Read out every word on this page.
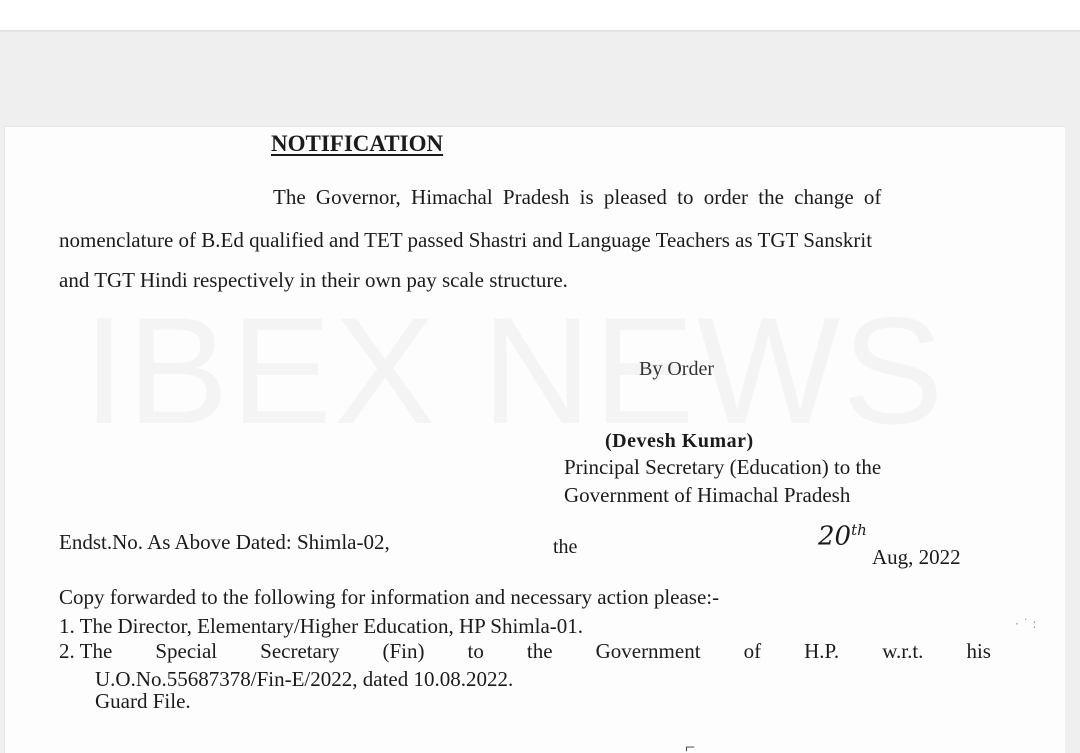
NOTIFICATION
The Governor, Himachal Pradesh is pleased to order the change of
nomenclature of B.Ed qualified and TET passed Shastri and Language Teachers as TGT Sanskrit
and TGT Hindi respectively in their own pay scale structure.
By Order
(Devesh Kumar)
Principal Secretary (Education) to the
Government of Himachal Pradesh
Endst.No. As Above Dated: Shimla-02,	the	20th
Aug, 2022
Copy forwarded to the following for information and necessary action please:-
1. The Director, Elementary/Higher Education, HP Shimla-01.
2. The Special Secretary (Fin) to the Government of H.P. w.r.t. his
U.O.No.55687378/Fin-E/2022, dated 10.08.2022.
Guard File.
· ˙ :
⌐
